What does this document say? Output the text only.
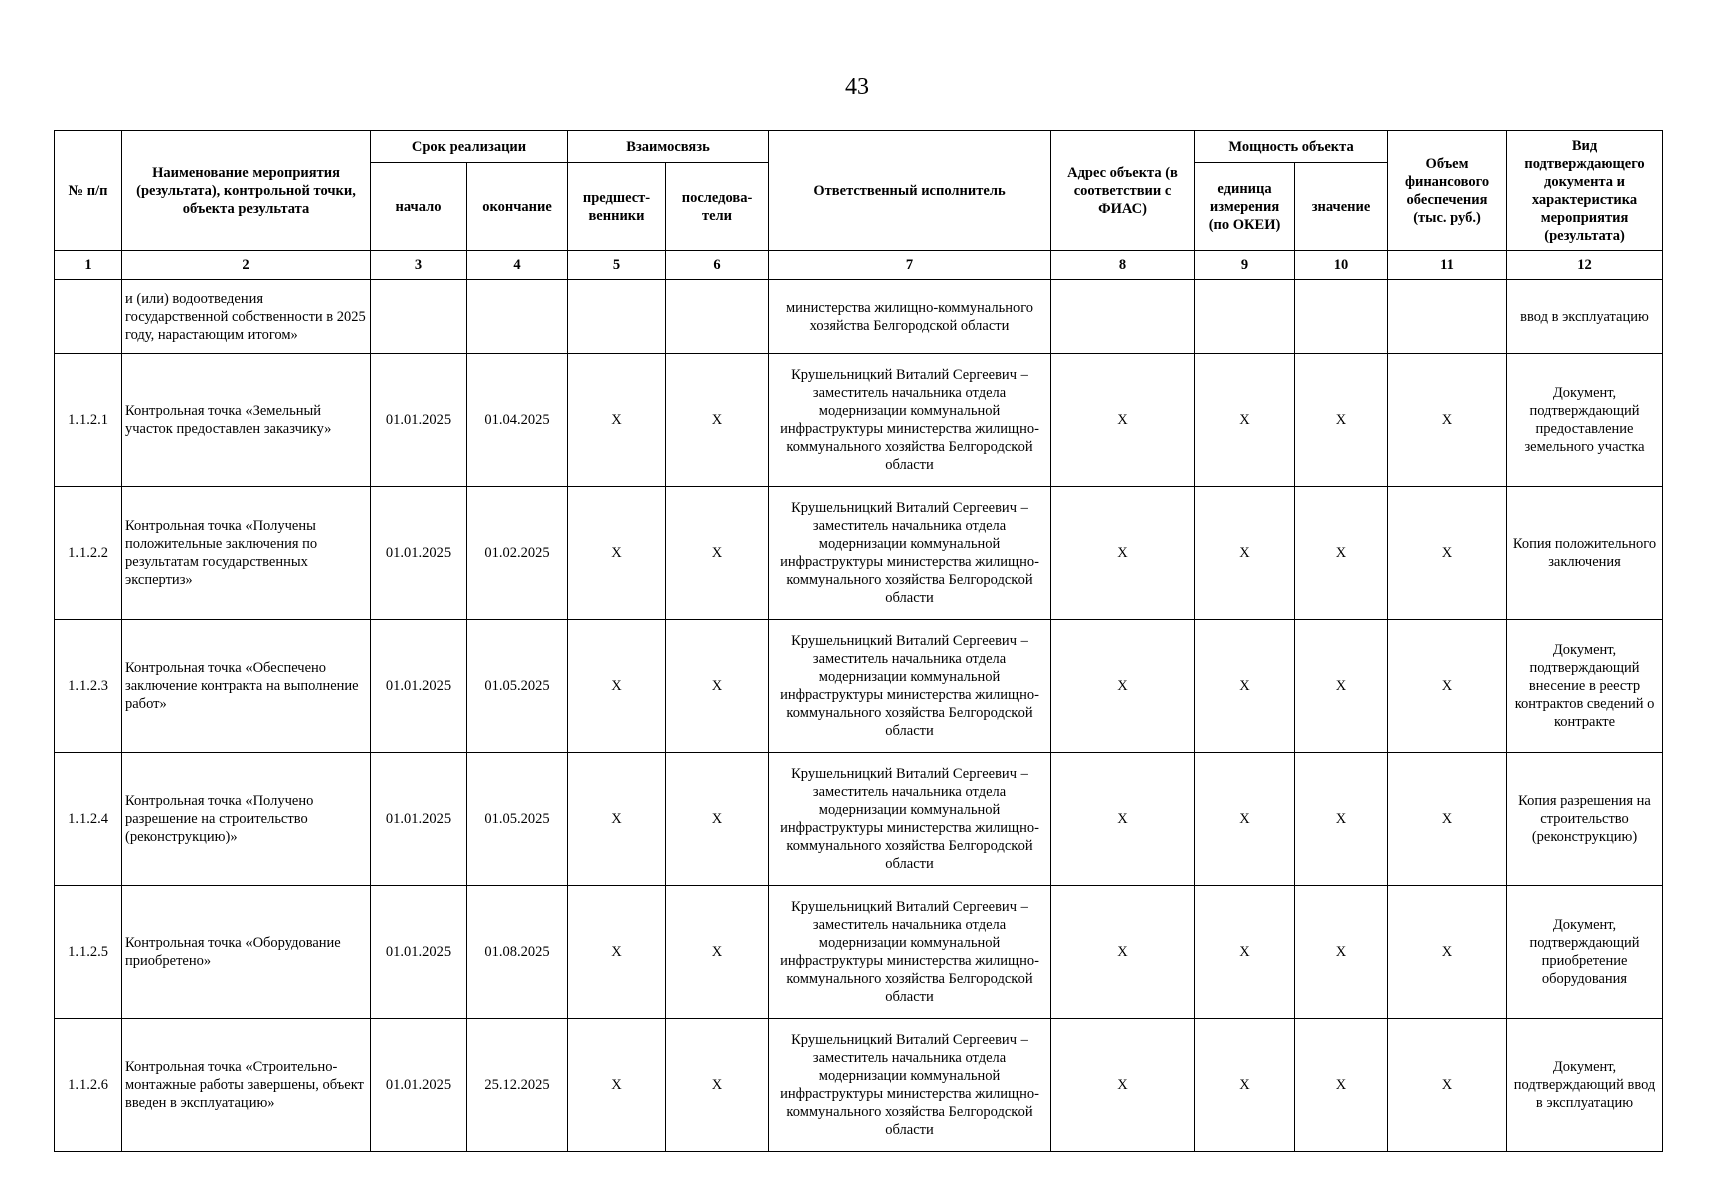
43
№ п/п	Наименование мероприятия (результата), контрольной точки, объекта результата	Срок реализации		Взаимосвязь		Ответственный исполнитель	Адрес объекта (в соответствии с ФИАС)	Мощность объекта		Объем финансового обеспечения (тыс. руб.)	Вид подтверждающего документа и характеристика мероприятия (результата)
		начало	окончание	предшест-венники	последова-тели			единица измерения (по ОКЕИ)	значение		
1	2	3	4	5	6	7	8	9	10	11	12
	и (или) водоотведения государственной собственности в 2025 году, нарастающим итогом»					министерства жилищно-коммунального хозяйства Белгородской области					ввод в эксплуатацию
1.1.2.1	Контрольная точка «Земельный участок предоставлен заказчику»	01.01.2025	01.04.2025	Х	Х	Крушельницкий Виталий Сергеевич – заместитель начальника отдела модернизации коммунальной инфраструктуры министерства жилищно-коммунального хозяйства Белгородской области	Х	Х	Х	Х	Документ, подтверждающий предоставление земельного участка
1.1.2.2	Контрольная точка «Получены положительные заключения по результатам государственных экспертиз»	01.01.2025	01.02.2025	Х	Х	Крушельницкий Виталий Сергеевич – заместитель начальника отдела модернизации коммунальной инфраструктуры министерства жилищно-коммунального хозяйства Белгородской области	Х	Х	Х	Х	Копия положительного заключения
1.1.2.3	Контрольная точка «Обеспечено заключение контракта на выполнение работ»	01.01.2025	01.05.2025	Х	Х	Крушельницкий Виталий Сергеевич – заместитель начальника отдела модернизации коммунальной инфраструктуры министерства жилищно-коммунального хозяйства Белгородской области	Х	Х	Х	Х	Документ, подтверждающий внесение в реестр контрактов сведений о контракте
1.1.2.4	Контрольная точка «Получено разрешение на строительство (реконструкцию)»	01.01.2025	01.05.2025	Х	Х	Крушельницкий Виталий Сергеевич – заместитель начальника отдела модернизации коммунальной инфраструктуры министерства жилищно-коммунального хозяйства Белгородской области	Х	Х	Х	Х	Копия разрешения на строительство (реконструкцию)
1.1.2.5	Контрольная точка «Оборудование приобретено»	01.01.2025	01.08.2025	Х	Х	Крушельницкий Виталий Сергеевич – заместитель начальника отдела модернизации коммунальной инфраструктуры министерства жилищно-коммунального хозяйства Белгородской области	Х	Х	Х	Х	Документ, подтверждающий приобретение оборудования
1.1.2.6	Контрольная точка «Строительно-монтажные работы завершены, объект введен в эксплуатацию»	01.01.2025	25.12.2025	Х	Х	Крушельницкий Виталий Сергеевич – заместитель начальника отдела модернизации коммунальной инфраструктуры министерства жилищно-коммунального хозяйства Белгородской области	Х	Х	Х	Х	Документ, подтверждающий ввод в эксплуатацию
